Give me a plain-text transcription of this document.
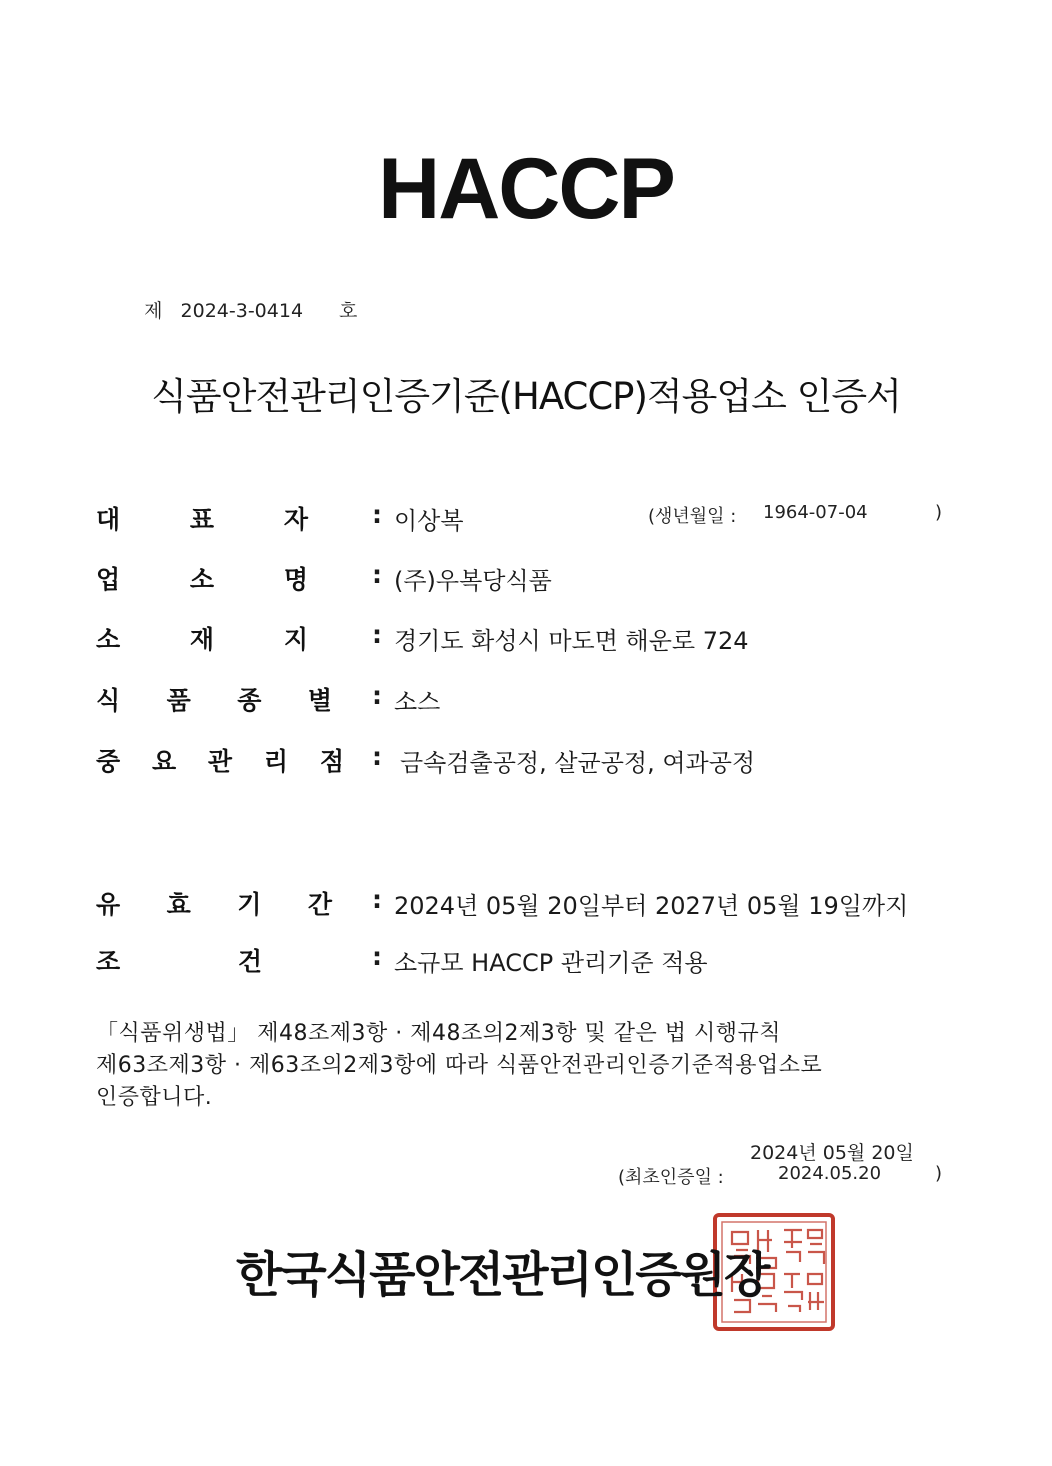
HACCP

제 2024-3-0414 호

식품안전관리인증기준(HACCP)적용업소 인증서
대	표	자	: 이상복	(생년월일 : 1964-07-04	)
업	소	명	: (주)우복당식품
소	재	지	: 경기도 화성시 마도면 해운로 724
식 품 종 별 : 소스
중 요 관 리 점 : 금속검출공정, 살균공정, 여과공정
유 효 기 간 : 2024년 05월 20일부터 2027년 05월 19일까지
조	건	: 소규모 HACCP 관리기준 적용
「식품위생법」 제48조제3항 · 제48조의2제3항 및 같은 법 시행규칙
제63조제3항 · 제63조의2제3항에 따라 식품안전관리인증기준적용업소로
인증합니다.
2024년 05월 20일
(최초인증일 :	2024.05.20	)
한국식품안전관리인증원장
